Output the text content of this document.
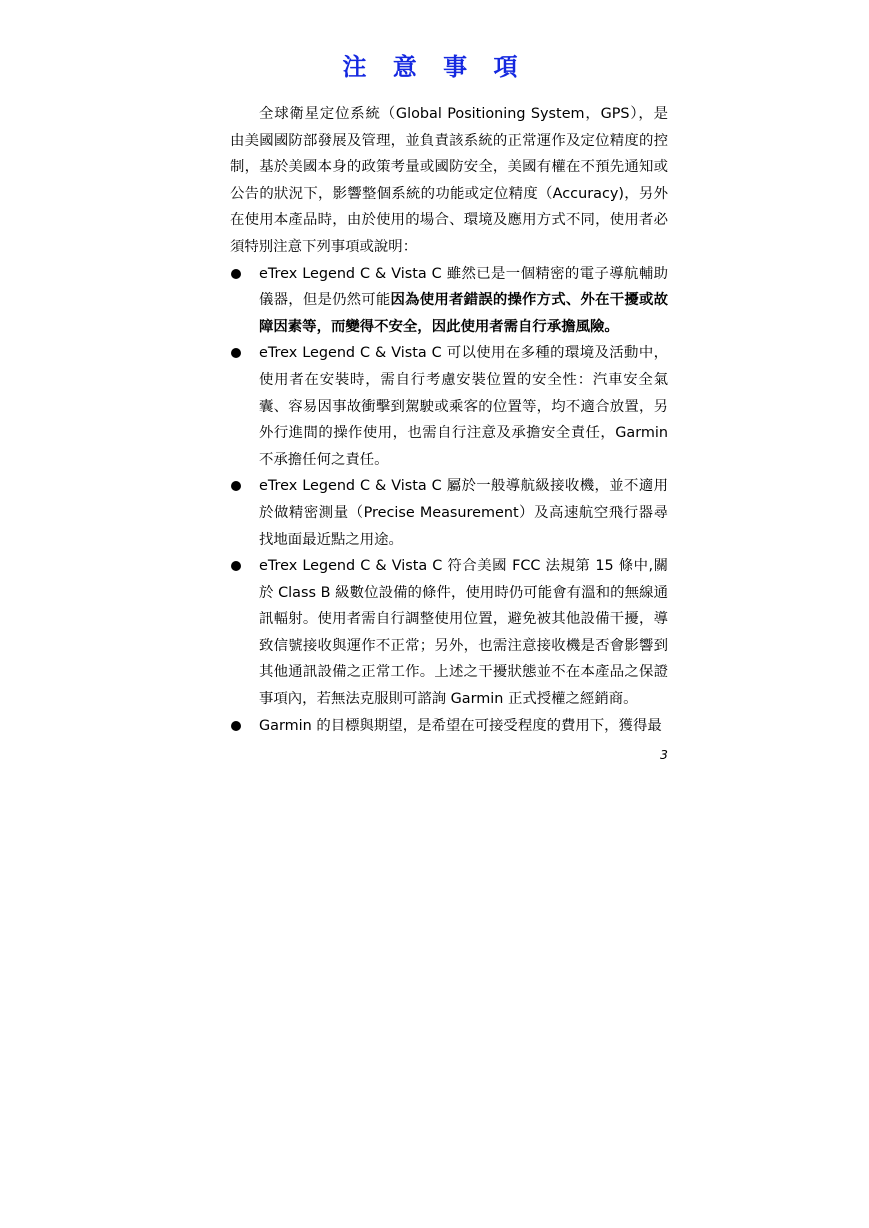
注 意 事 項

全球衛星定位系統（Global Positioning System，GPS），是由美國國防部發展及管理，並負責該系統的正常運作及定位精度的控制，基於美國本身的政策考量或國防安全，美國有權在不預先通知或公告的狀況下，影響整個系統的功能或定位精度（Accuracy)，另外在使用本產品時，由於使用的場合、環境及應用方式不同，使用者必須特別注意下列事項或說明：

eTrex Legend C & Vista C 雖然已是一個精密的電子導航輔助儀器，但是仍然可能因為使用者錯誤的操作方式、外在干擾或故障因素等，而變得不安全，因此使用者需自行承擔風險。
eTrex Legend C & Vista C 可以使用在多種的環境及活動中，使用者在安裝時，需自行考慮安裝位置的安全性：汽車安全氣囊、容易因事故衝擊到駕駛或乘客的位置等，均不適合放置，另外行進間的操作使用，也需自行注意及承擔安全責任，Garmin 不承擔任何之責任。
eTrex Legend C & Vista C 屬於一般導航級接收機，並不適用於做精密測量（Precise Measurement）及高速航空飛行器尋找地面最近點之用途。
eTrex Legend C & Vista C 符合美國 FCC 法規第 15 條中,關於 Class B 級數位設備的條件，使用時仍可能會有溫和的無線通訊輻射。使用者需自行調整使用位置，避免被其他設備干擾，導致信號接收與運作不正常；另外，也需注意接收機是否會影響到其他通訊設備之正常工作。上述之干擾狀態並不在本產品之保證事項內，若無法克服則可諮詢 Garmin 正式授權之經銷商。
Garmin 的目標與期望，是希望在可接受程度的費用下，獲得最
3
